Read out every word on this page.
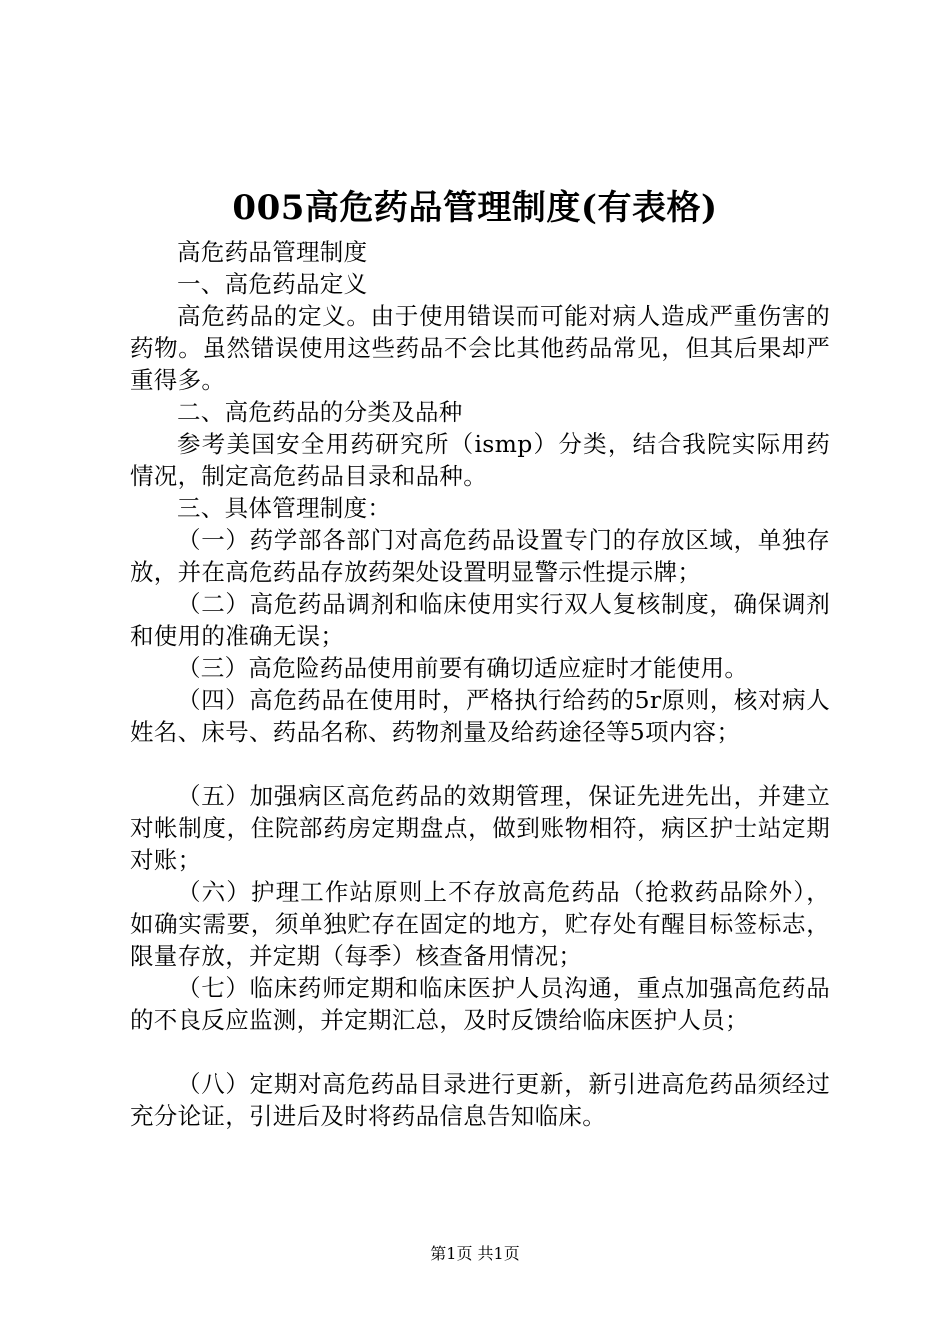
005高危药品管理制度(有表格)

高危药品管理制度

一、高危药品定义

高危药品的定义。由于使用错误而可能对病人造成严重伤害的药物。虽然错误使用这些药品不会比其他药品常见，但其后果却严重得多。

二、高危药品的分类及品种

参考美国安全用药研究所（ismp）分类，结合我院实际用药情况，制定高危药品目录和品种。

三、具体管理制度：

（一）药学部各部门对高危药品设置专门的存放区域，单独存放，并在高危药品存放药架处设置明显警示性提示牌；

（二）高危药品调剂和临床使用实行双人复核制度，确保调剂和使用的准确无误；

（三）高危险药品使用前要有确切适应症时才能使用。

（四）高危药品在使用时，严格执行给药的5r原则，核对病人姓名、床号、药品名称、药物剂量及给药途径等5项内容；

（五）加强病区高危药品的效期管理，保证先进先出，并建立对帐制度，住院部药房定期盘点，做到账物相符，病区护士站定期对账；

（六）护理工作站原则上不存放高危药品（抢救药品除外），如确实需要，须单独贮存在固定的地方，贮存处有醒目标签标志，限量存放，并定期（每季）核查备用情况；

（七）临床药师定期和临床医护人员沟通，重点加强高危药品的不良反应监测，并定期汇总，及时反馈给临床医护人员；

（八）定期对高危药品目录进行更新，新引进高危药品须经过充分论证，引进后及时将药品信息告知临床。

第1页 共1页
